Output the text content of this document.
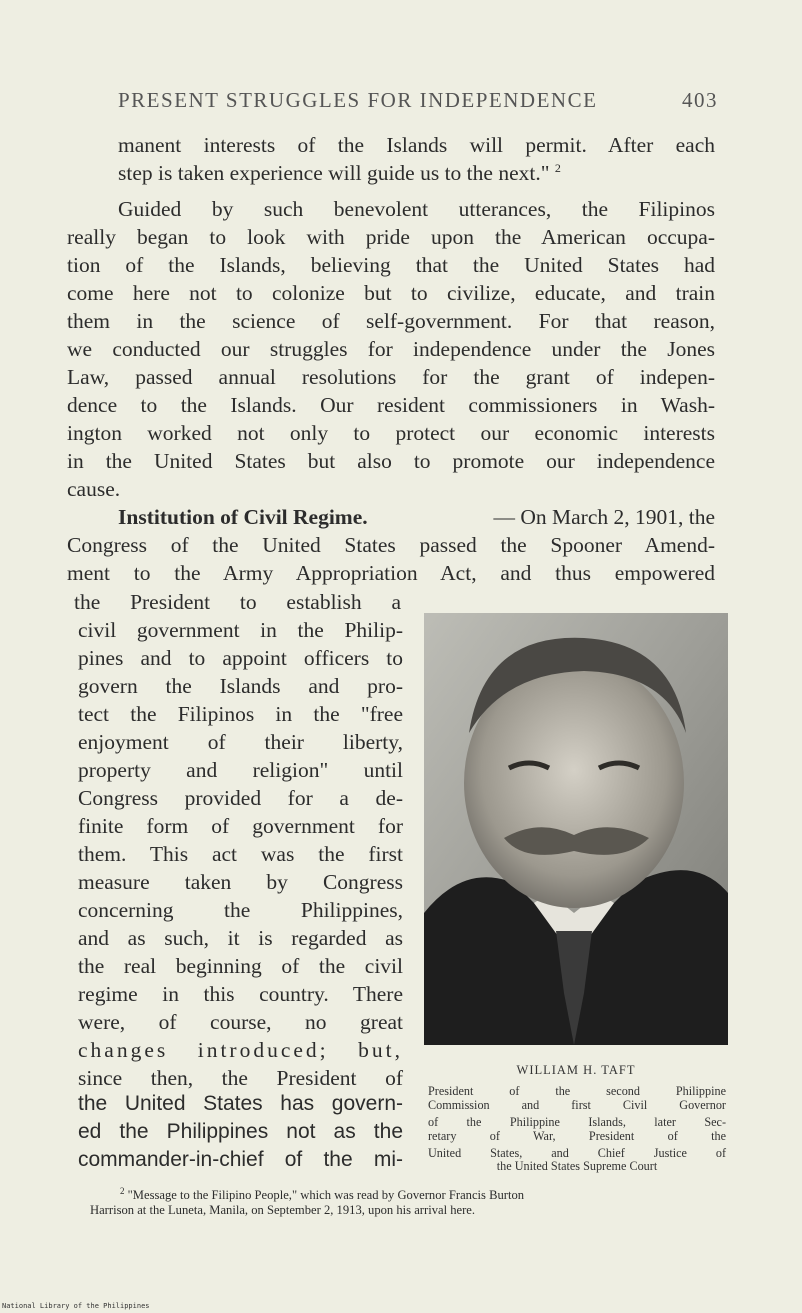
PRESENT STRUGGLES FOR INDEPENDENCE	403
manent interests of the Islands will permit. After each
step is taken experience will guide us to the next." $^2$
Guided by such benevolent utterances, the Filipinos
really began to look with pride upon the American occupa-
tion of the Islands, believing that the United States had
come here not to colonize but to civilize, educate, and train
them in the science of self-government. For that reason,
we conducted our struggles for independence under the Jones
Law, passed annual resolutions for the grant of indepen-
dence to the Islands. Our resident commissioners in Wash-
ington worked not only to protect our economic interests
in the United States but also to promote our independence
cause.
Institution of Civil Regime.	— On March 2, 1901, the
Congress of the United States passed the Spooner Amend-
ment to the Army Appropriation Act, and thus empowered
the President to establish a
civil government in the Philip-
pines and to appoint officers to
govern the Islands and pro-
tect the Filipinos in the "free
enjoyment of their liberty,
property and religion" until
Congress provided for a de-
finite form of government for
them. This act was the first
measure taken by Congress
concerning the Philippines,
and as such, it is regarded as
the real beginning of the civil
regime in this country. There
were, of course, no great
changes introduced; but,
since then, the President of
the United States has govern-
ed the Philippines not as the
commander-in-chief of the mi-
WILLIAM H. TAFT
President of the second Philippine
Commission and first Civil Governor
of the Philippine Islands, later Sec-
retary of War, President of the
United States, and Chief Justice of
the United States Supreme Court
$^2$ "Message to the Filipino People," which was read by Governor Francis Burton
Harrison at the Luneta, Manila, on September 2, 1913, upon his arrival here.
National Library of the Philippines
